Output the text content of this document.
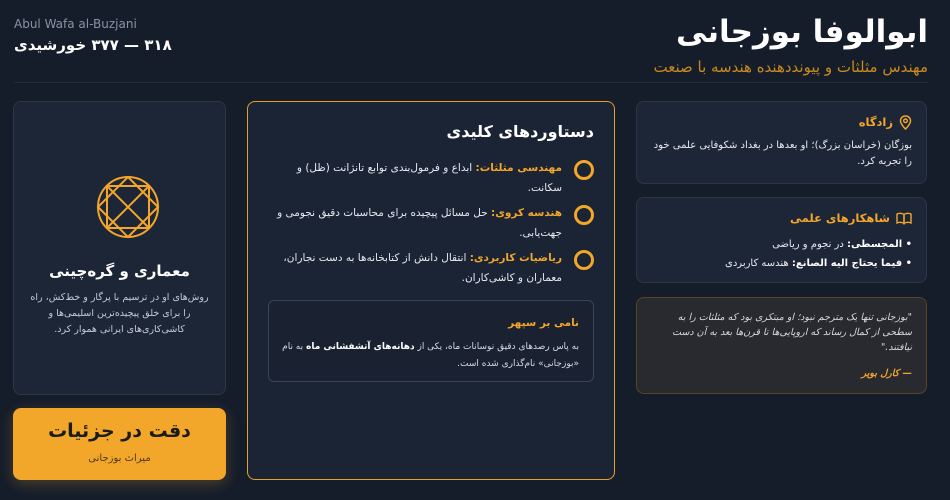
ابوالوفا بوزجانی
مهندس مثلثات و پیونددهنده هندسه با صنعت
Abul Wafa al-Buzjani
۳۱۸ — ۳۷۷ خورشیدی
معماری و گره‌چینی
روش‌های او در ترسیم با پرگار و خط‌کش، راه را برای خلق پیچیده‌ترین اسلیمی‌ها و کاشی‌کاری‌های ایرانی هموار کرد.
دقت در جزئیات
میراث بوزجانی
دستاوردهای کلیدی
مهندسی مثلثات: ابداع و فرمول‌بندی توابع تانژانت (ظل) و سکانت.
هندسه کروی: حل مسائل پیچیده برای محاسبات دقیق نجومی و جهت‌یابی.
ریاضیات کاربردی: انتقال دانش از کتابخانه‌ها به دست نجاران، معماران و کاشی‌کاران.
نامی بر سپهر
به پاس رصدهای دقیق نوسانات ماه، یکی از دهانه‌های آتشفشانی ماه به نام «بوزجانی» نام‌گذاری شده است.
زادگاه
بوزگان (خراسان بزرگ)؛ او بعدها در بغداد شکوفایی علمی خود را تجربه کرد.
شاهکارهای علمی
• المجسطی: در نجوم و ریاضی
• فیما یحتاج الیه الصانع: هندسه کاربردی
"بوزجانی تنها یک مترجم نبود؛ او مبتکری بود که مثلثات را به سطحی از کمال رساند که اروپایی‌ها تا قرن‌ها بعد به آن دست نیافتند."
— کارل بویر
